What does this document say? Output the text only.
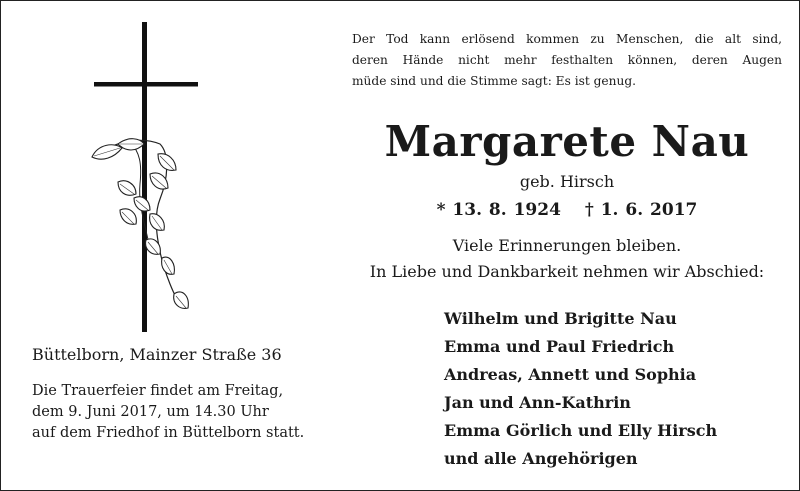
Der Tod kann erlösend kommen zu Menschen, die alt sind,
deren Hände nicht mehr festhalten können, deren Augen
müde sind und die Stimme sagt: Es ist genug.
Margarete Nau
geb. Hirsch
* 13. 8. 1924 † 1. 6. 2017
Viele Erinnerungen bleiben.
In Liebe und Dankbarkeit nehmen wir Abschied:
Wilhelm und Brigitte Nau
Emma und Paul Friedrich
Andreas, Annett und Sophia
Jan und Ann-Kathrin
Emma Görlich und Elly Hirsch
und alle Angehörigen
Büttelborn, Mainzer Straße 36
Die Trauerfeier findet am Freitag,
dem 9. Juni 2017, um 14.30 Uhr
auf dem Friedhof in Büttelborn statt.
